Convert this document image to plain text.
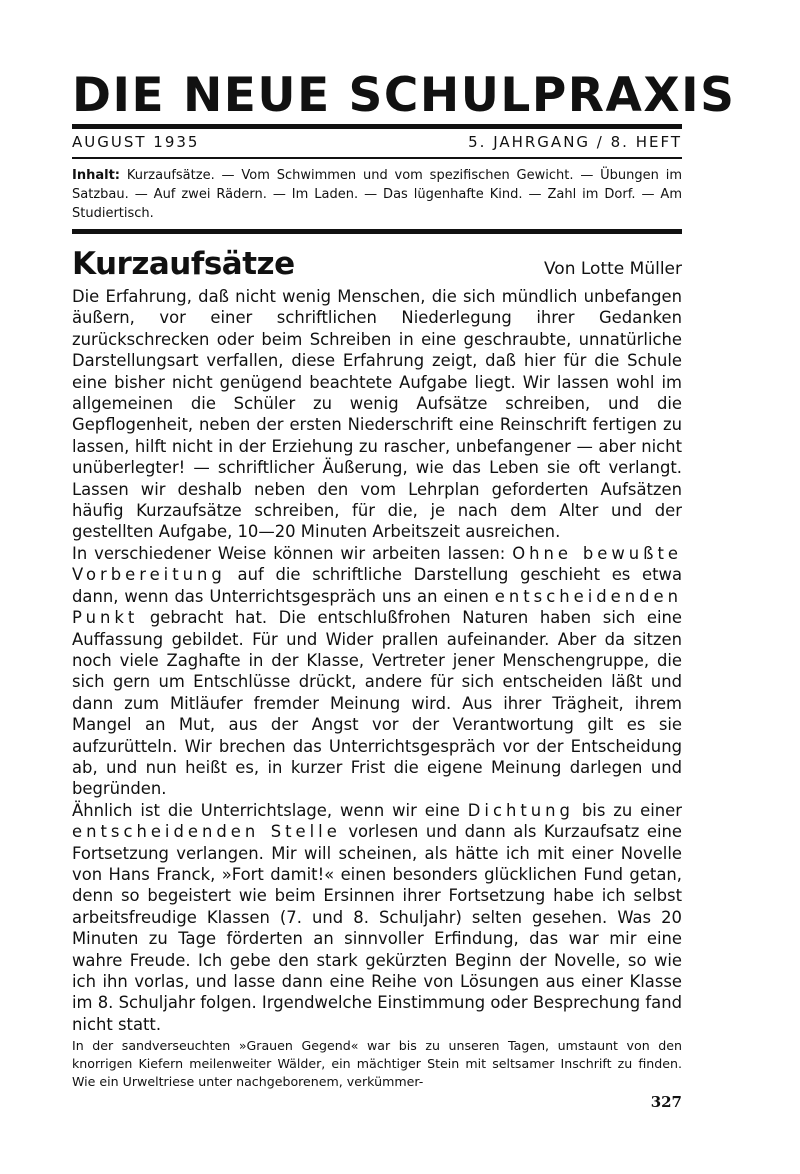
DIE NEUE SCHULPRAXIS
AUGUST 1935	5. JAHRGANG / 8. HEFT
Inhalt: Kurzaufsätze. — Vom Schwimmen und vom spezifischen Gewicht. — Übungen im Satzbau. — Auf zwei Rädern. — Im Laden. — Das lügenhafte Kind. — Zahl im Dorf. — Am Studiertisch.
Kurzaufsätze	Von Lotte Müller

Die Erfahrung, daß nicht wenig Menschen, die sich mündlich unbefangen äußern, vor einer schriftlichen Niederlegung ihrer Gedanken zurückschrecken oder beim Schreiben in eine geschraubte, unnatürliche Darstellungsart verfallen, diese Erfahrung zeigt, daß hier für die Schule eine bisher nicht genügend beachtete Aufgabe liegt. Wir lassen wohl im allgemeinen die Schüler zu wenig Aufsätze schreiben, und die Gepflogenheit, neben der ersten Niederschrift eine Reinschrift fertigen zu lassen, hilft nicht in der Erziehung zu rascher, unbefangener — aber nicht unüberlegter! — schriftlicher Äußerung, wie das Leben sie oft verlangt. Lassen wir deshalb neben den vom Lehrplan geforderten Aufsätzen häufig Kurzaufsätze schreiben, für die, je nach dem Alter und der gestellten Aufgabe, 10—20 Minuten Arbeitszeit ausreichen.

In verschiedener Weise können wir arbeiten lassen: Ohne bewußte Vorbereitung auf die schriftliche Darstellung geschieht es etwa dann, wenn das Unterrichtsgespräch uns an einen entscheidenden Punkt gebracht hat. Die entschlußfrohen Naturen haben sich eine Auffassung gebildet. Für und Wider prallen aufeinander. Aber da sitzen noch viele Zaghafte in der Klasse, Vertreter jener Menschengruppe, die sich gern um Entschlüsse drückt, andere für sich entscheiden läßt und dann zum Mitläufer fremder Meinung wird. Aus ihrer Trägheit, ihrem Mangel an Mut, aus der Angst vor der Verantwortung gilt es sie aufzurütteln. Wir brechen das Unterrichtsgespräch vor der Entscheidung ab, und nun heißt es, in kurzer Frist die eigene Meinung darlegen und begründen.

Ähnlich ist die Unterrichtslage, wenn wir eine Dichtung bis zu einer entscheidenden Stelle vorlesen und dann als Kurzaufsatz eine Fortsetzung verlangen. Mir will scheinen, als hätte ich mit einer Novelle von Hans Franck, »Fort damit!« einen besonders glücklichen Fund getan, denn so begeistert wie beim Ersinnen ihrer Fortsetzung habe ich selbst arbeitsfreudige Klassen (7. und 8. Schuljahr) selten gesehen. Was 20 Minuten zu Tage förderten an sinnvoller Erfindung, das war mir eine wahre Freude. Ich gebe den stark gekürzten Beginn der Novelle, so wie ich ihn vorlas, und lasse dann eine Reihe von Lösungen aus einer Klasse im 8. Schuljahr folgen. Irgendwelche Einstimmung oder Besprechung fand nicht statt.

In der sandverseuchten »Grauen Gegend« war bis zu unseren Tagen, umstaunt von den knorrigen Kiefern meilenweiter Wälder, ein mächtiger Stein mit seltsamer Inschrift zu finden. Wie ein Urweltriese unter nachgeborenem, verkümmer-
327
